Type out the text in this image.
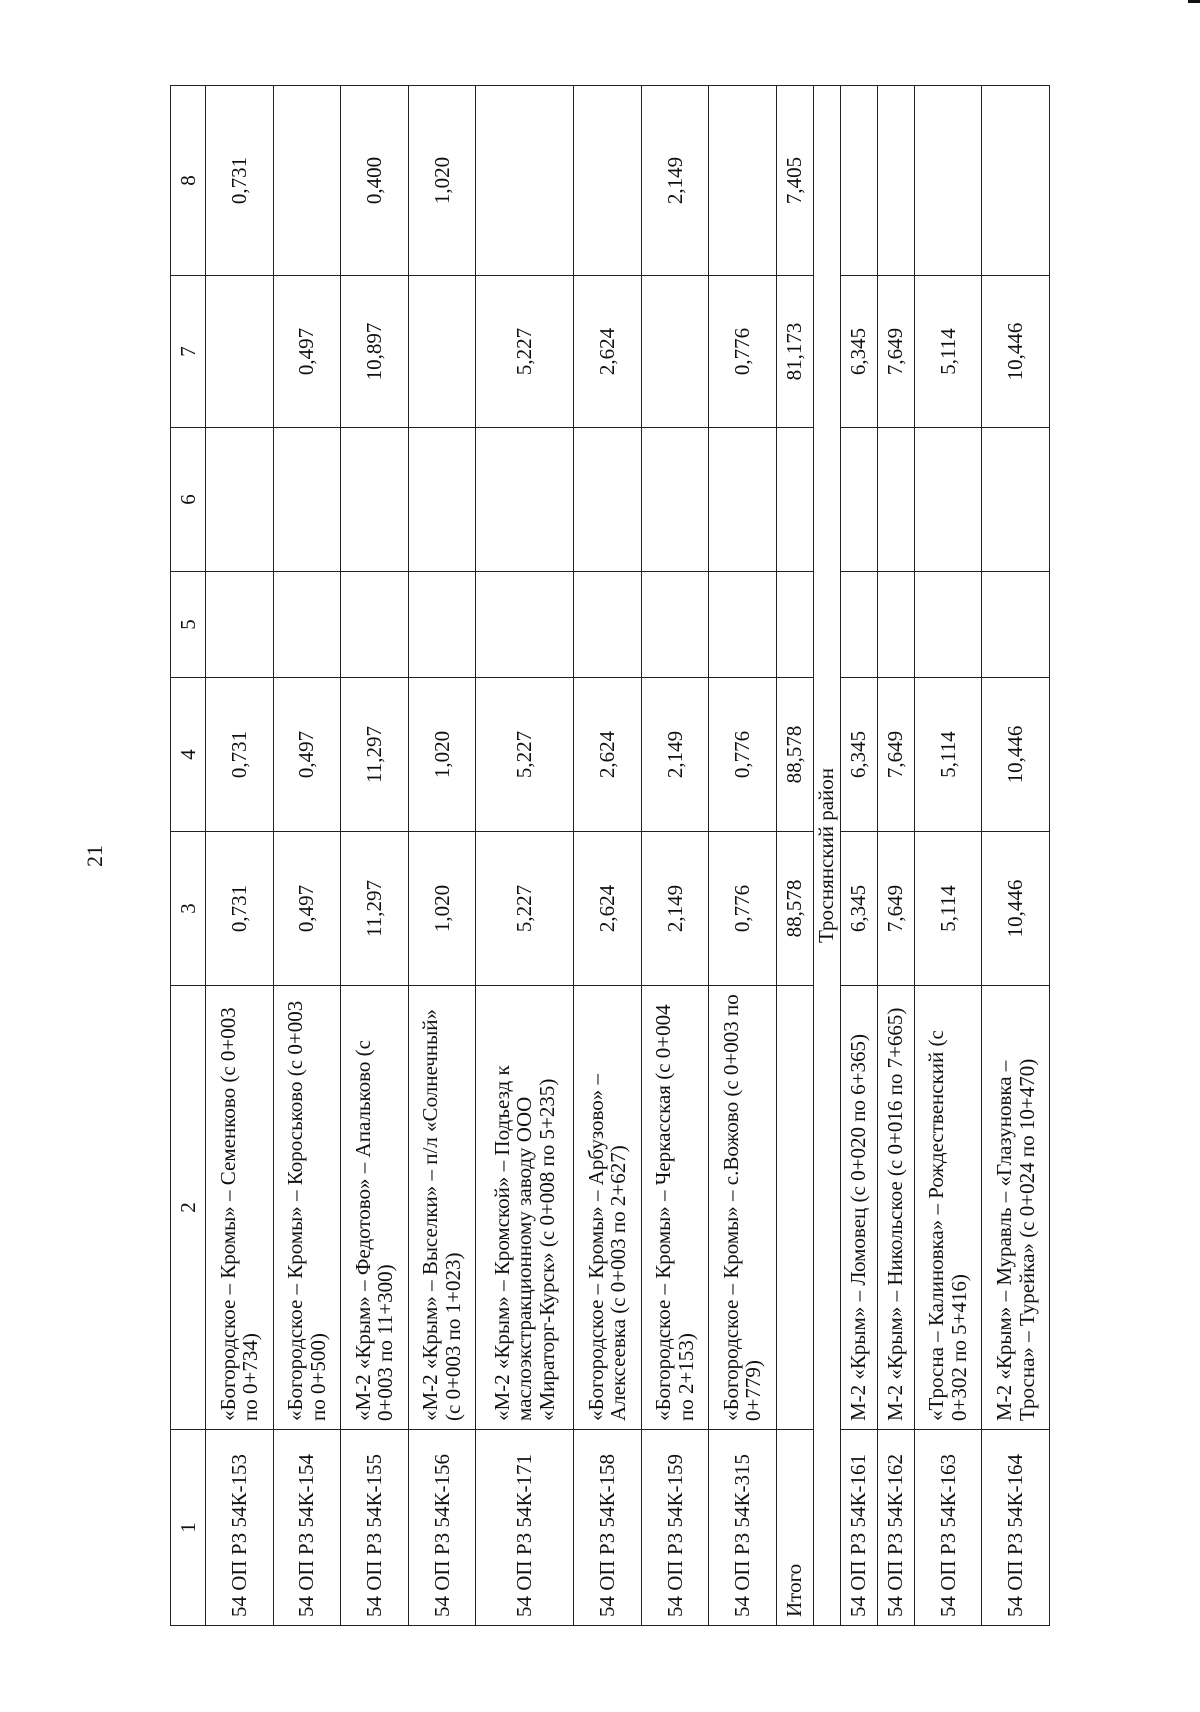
21
1	2	3	4	5	6	7	8
54 ОП РЗ 54К-153	«Богородское – Кромы» – Семенково (с 0+003 по 0+734)	0,731	0,731				0,731
54 ОП РЗ 54К-154	«Богородское – Кромы» – Короськово (с 0+003 по 0+500)	0,497	0,497			0,497	
54 ОП РЗ 54К-155	«М-2 «Крым» – Федотово» – Апальково (с 0+003 по 11+300)	11,297	11,297			10,897	0,400
54 ОП РЗ 54К-156	«М-2 «Крым» – Выселки» – п/л «Солнечный» (с 0+003 по 1+023)	1,020	1,020				1,020
54 ОП РЗ 54К-171	«М-2 «Крым» – Кромской» – Подъезд к маслоэкстракционному заводу ООО «Мираторг-Курск» (с 0+008 по 5+235)	5,227	5,227			5,227	
54 ОП РЗ 54К-158	«Богородское – Кромы» – Арбузово» – Алексеевка (с 0+003 по 2+627)	2,624	2,624			2,624	
54 ОП РЗ 54К-159	«Богородское – Кромы» – Черкасская (с 0+004 по 2+153)	2,149	2,149				2,149
54 ОП РЗ 54К-315	«Богородское – Кромы» – с.Вожово (с 0+003 по 0+779)	0,776	0,776			0,776	
Итого		88,578	88,578			81,173	7,405
Троснянский район							
54 ОП РЗ 54К-161	М-2 «Крым» – Ломовец (с 0+020 по 6+365)	6,345	6,345			6,345	
54 ОП РЗ 54К-162	М-2 «Крым» – Никольское (с 0+016 по 7+665)	7,649	7,649			7,649	
54 ОП РЗ 54К-163	«Тросна – Калиновка» – Рождественский (с 0+302 по 5+416)	5,114	5,114			5,114	
54 ОП РЗ 54К-164	М-2 «Крым» – Муравль – «Глазуновка – Тросна» – Турейка» (с 0+024 по 10+470)	10,446	10,446			10,446	
